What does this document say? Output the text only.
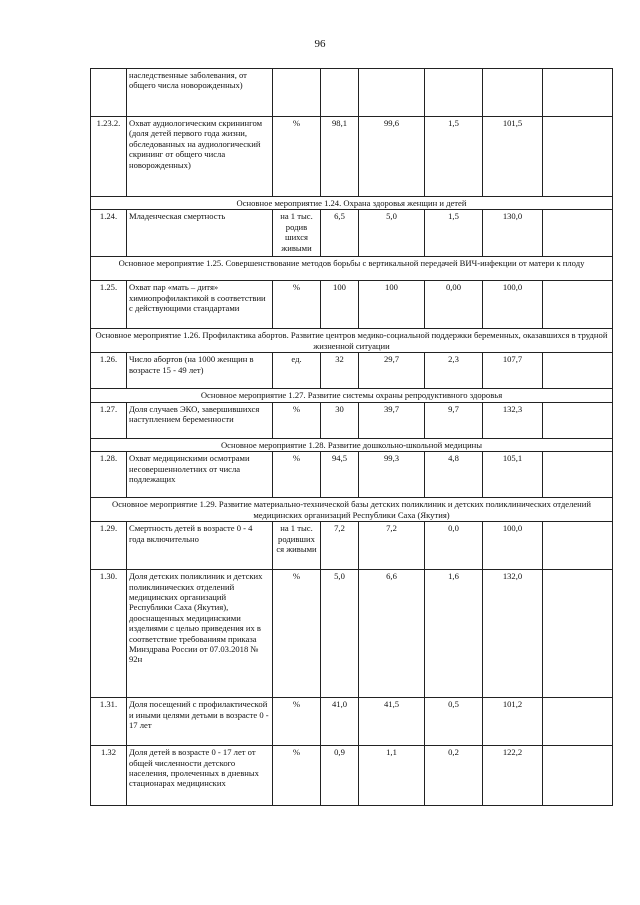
96
	наследственные заболевания, от общего числа новорожденных)						
1.23.2.	Охват аудиологическим скринингом (доля детей первого года жизни, обследованных на аудиологический скрининг от общего числа новорожденных)	%	98,1	99,6	1,5	101,5	
Основное мероприятие 1.24. Охрана здоровья женщин и детей							
1.24.	Младенческая смертность	на 1 тыс. родив шихся живыми	6,5	5,0	1,5	130,0	
Основное мероприятие 1.25. Совершенствование методов борьбы с вертикальной передачей ВИЧ-инфекции от матери к плоду							
1.25.	Охват пар «мать – дитя» химиопрофилактикой в соответствии с действующими стандартами	%	100	100	0,00	100,0	
Основное мероприятие 1.26. Профилактика абортов. Развитие центров медико-социальной поддержки беременных, оказавшихся в трудной жизненной ситуации							
1.26.	Число абортов (на 1000 женщин в возрасте 15 - 49 лет)	ед.	32	29,7	2,3	107,7	
Основное мероприятие 1.27. Развитие системы охраны репродуктивного здоровья							
1.27.	Доля случаев ЭКО, завершившихся наступлением беременности	%	30	39,7	9,7	132,3	
Основное мероприятие 1.28. Развитие дошкольно-школьной медицины							
1.28.	Охват медицинскими осмотрами несовершеннолетних от числа подлежащих	%	94,5	99,3	4,8	105,1	
Основное мероприятие 1.29. Развитие материально-технической базы детских поликлиник и детских поликлинических отделений медицинских организаций Республики Саха (Якутия)							
1.29.	Смертность детей в возрасте 0 - 4 года включительно	на 1 тыс. родивших ся живыми	7,2	7,2	0,0	100,0	
1.30.	Доля детских поликлиник и детских поликлинических отделений медицинских организаций Республики Саха (Якутия), дооснащенных медицинскими изделиями с целью приведения их в соответствие требованиям приказа Минздрава России от 07.03.2018 № 92н	%	5,0	6,6	1,6	132,0	
1.31.	Доля посещений с профилактической и иными целями детьми в возрасте 0 - 17 лет	%	41,0	41,5	0,5	101,2	
1.32	Доля детей в возрасте 0 - 17 лет от общей численности детского населения, пролеченных в дневных стационарах медицинских	%	0,9	1,1	0,2	122,2	
